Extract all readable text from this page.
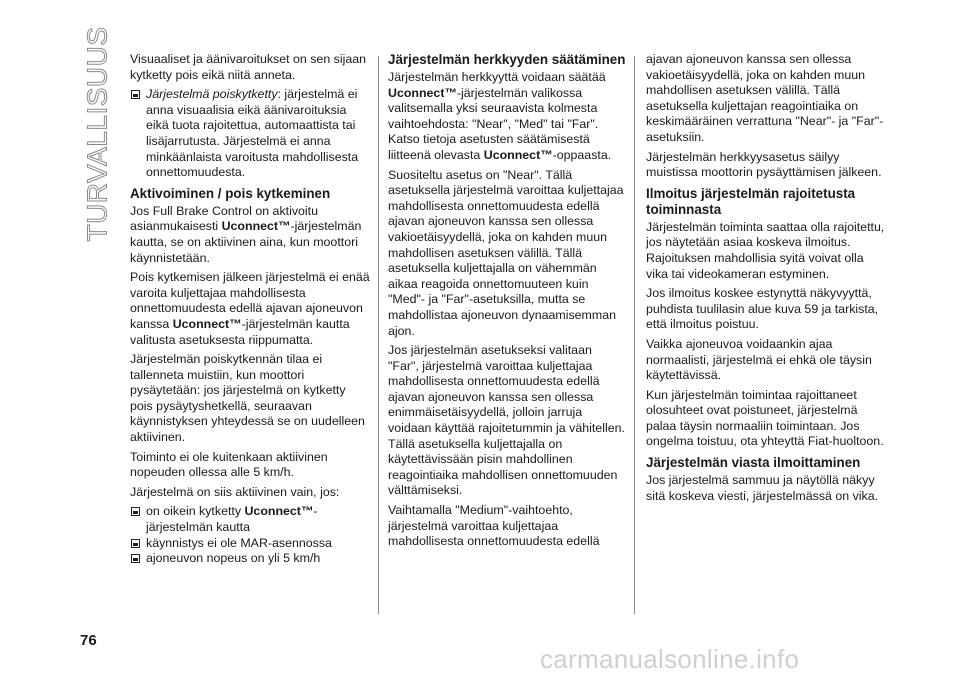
TURVALLISUUS Visuaaliset ja äänivaroitukset on sen sijaan kytketty pois eikä niitä anneta.

Järjestelmä poiskytketty: järjestelmä ei anna visuaalisia eikä äänivaroituksia eikä tuota rajoitettua, automaattista tai lisäjarrutusta. Järjestelmä ei anna minkäänlaista varoitusta mahdollisesta onnettomuudesta.
Aktivoiminen / pois kytkeminen

Jos Full Brake Control on aktivoitu asianmukaisesti Uconnect™-järjestelmän kautta, se on aktiivinen aina, kun moottori käynnistetään.

Pois kytkemisen jälkeen järjestelmä ei enää varoita kuljettajaa mahdollisesta onnettomuudesta edellä ajavan ajoneuvon kanssa Uconnect™-järjestelmän kautta valitusta asetuksesta riippumatta.

Järjestelmän poiskytkennän tilaa ei tallenneta muistiin, kun moottori pysäytetään: jos järjestelmä on kytketty pois pysäytyshetkellä, seuraavan käynnistyksen yhteydessä se on uudelleen aktiivinen.

Toiminto ei ole kuitenkaan aktiivinen nopeuden ollessa alle 5 km/h.

Järjestelmä on siis aktiivinen vain, jos:

on oikein kytketty Uconnect™-järjestelmän kautta
käynnistys ei ole MAR-asennossa
ajoneuvon nopeus on yli 5 km/h
Järjestelmän herkkyyden säätäminen

Järjestelmän herkkyyttä voidaan säätää Uconnect™-järjestelmän valikossa valitsemalla yksi seuraavista kolmesta vaihtoehdosta: "Near", "Med" tai "Far". Katso tietoja asetusten säätämisestä liitteenä olevasta Uconnect™-oppaasta.

Suositeltu asetus on "Near". Tällä asetuksella järjestelmä varoittaa kuljettajaa mahdollisesta onnettomuudesta edellä ajavan ajoneuvon kanssa sen ollessa vakioetäisyydellä, joka on kahden muun mahdollisen asetuksen välillä. Tällä asetuksella kuljettajalla on vähemmän aikaa reagoida onnettomuuteen kuin "Med"- ja "Far"-asetuksilla, mutta se mahdollistaa ajoneuvon dynaamisemman ajon.

Jos järjestelmän asetukseksi valitaan "Far", järjestelmä varoittaa kuljettajaa mahdollisesta onnettomuudesta edellä ajavan ajoneuvon kanssa sen ollessa enimmäisetäisyydellä, jolloin jarruja voidaan käyttää rajoitetummin ja vähitellen. Tällä asetuksella kuljettajalla on käytettävissään pisin mahdollinen reagointiaika mahdollisen onnettomuuden välttämiseksi.

Vaihtamalla "Medium"-vaihtoehto, järjestelmä varoittaa kuljettajaa mahdollisesta onnettomuudesta edellä

ajavan ajoneuvon kanssa sen ollessa vakioetäisyydellä, joka on kahden muun mahdollisen asetuksen välillä. Tällä asetuksella kuljettajan reagointiaika on keskimääräinen verrattuna "Near"- ja "Far"-asetuksiin.

Järjestelmän herkkyysasetus säilyy muistissa moottorin pysäyttämisen jälkeen.

Ilmoitus järjestelmän rajoitetusta toiminnasta

Järjestelmän toiminta saattaa olla rajoitettu, jos näytetään asiaa koskeva ilmoitus. Rajoituksen mahdollisia syitä voivat olla vika tai videokameran estyminen.

Jos ilmoitus koskee estynyttä näkyvyyttä, puhdista tuulilasin alue kuva 59 ja tarkista, että ilmoitus poistuu.

Vaikka ajoneuvoa voidaankin ajaa normaalisti, järjestelmä ei ehkä ole täysin käytettävissä.

Kun järjestelmän toimintaa rajoittaneet olosuhteet ovat poistuneet, järjestelmä palaa täysin normaaliin toimintaan. Jos ongelma toistuu, ota yhteyttä Fiat-huoltoon.

Järjestelmän viasta ilmoittaminen

Jos järjestelmä sammuu ja näytöllä näkyy sitä koskeva viesti, järjestelmässä on vika.

76
carmanualsonline.info
